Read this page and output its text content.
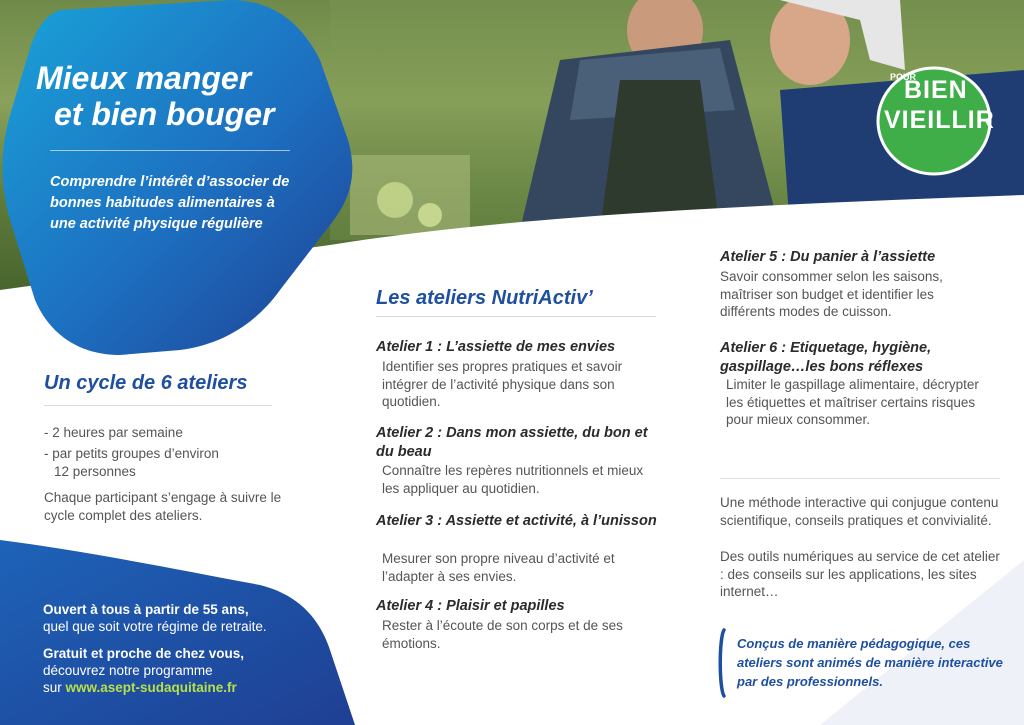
Mieux manger

et bien bouger
Comprendre l’intérêt d’associer de bonnes habitudes alimentaires à une activité physique régulière
POUR
BIEN
VIEILLIR
Un cycle de 6 ateliers
- 2 heures par semaine
- par petits groupes d’environ
12 personnes
Chaque participant s’engage à suivre le cycle complet des ateliers.
Ouvert à tous à partir de 55 ans,
quel que soit votre régime de retraite.
Gratuit et proche de chez vous,
découvrez notre programme
sur www.asept-sudaquitaine.fr
Les ateliers NutriActiv’
Atelier 1 : L’assiette de mes envies
Identifier ses propres pratiques et savoir intégrer de l’activité physique dans son quotidien.
Atelier 2 : Dans mon assiette, du bon et du beau
Connaître les repères nutritionnels et mieux les appliquer au quotidien.
Atelier 3 : Assiette et activité, à l’unisson
Mesurer son propre niveau d’activité et l’adapter à ses envies.
Atelier 4 : Plaisir et papilles
Rester à l’écoute de son corps et de ses émotions.
Atelier 5 : Du panier à l’assiette
Savoir consommer selon les saisons, maîtriser son budget et identifier les différents modes de cuisson.
Atelier 6 : Etiquetage, hygiène, gaspillage…les bons réflexes
Limiter le gaspillage alimentaire, décrypter les étiquettes et maîtriser certains risques pour mieux consommer.
Une méthode interactive qui conjugue contenu scientifique, conseils pratiques et convivialité.
Des outils numériques au service de cet atelier : des conseils sur les applications, les sites internet…
Conçus de manière pédagogique, ces ateliers sont animés de manière interactive par des professionnels.
